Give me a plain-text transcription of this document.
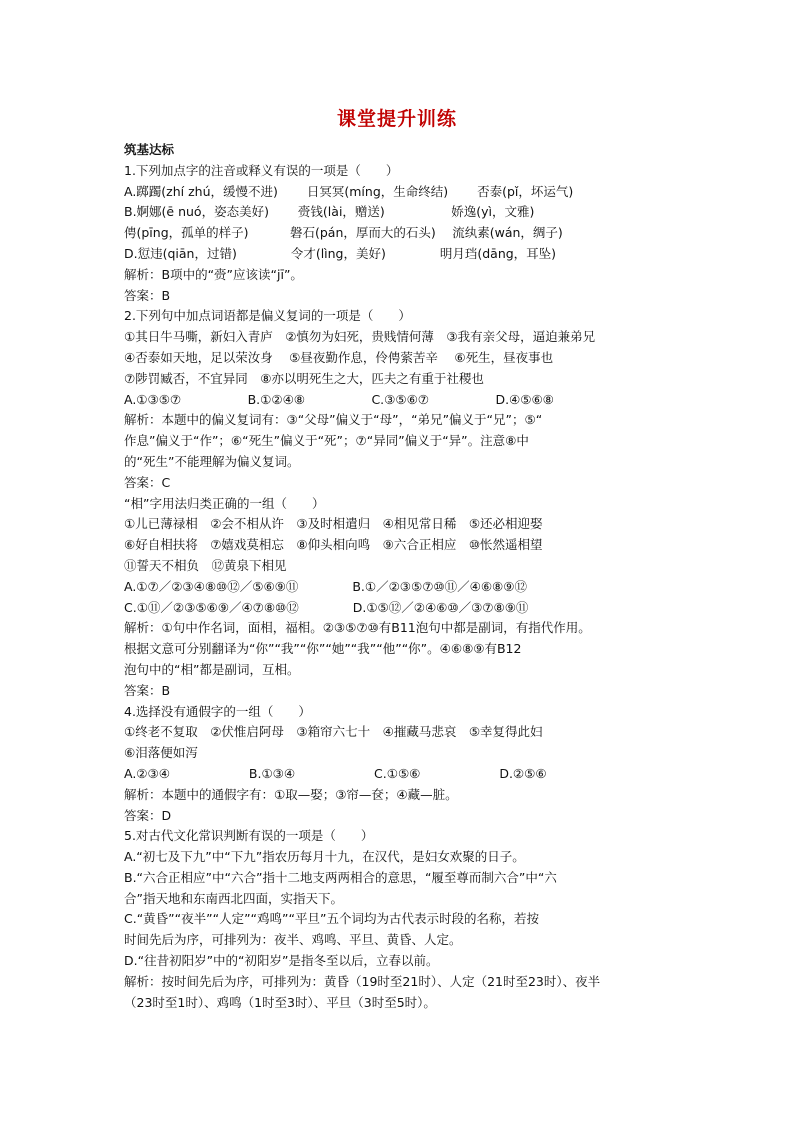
课堂提升训练
筑基达标
1.下列加点字的注音或释义有误的一项是（　　）
A.踯躅(zhí zhú，缓慢不进)　　 日冥冥(míng，生命终结)　　 否泰(pǐ，坏运气)
B.婀娜(ē nuó，姿态美好)　　 赍钱(lài，赠送)　　　　　 娇逸(yì，文雅)
俜(pīng，孤单的样子)　　　 磐石(pán，厚而大的石头)　 流纨素(wán，绸子)
D.愆违(qiān，过错)　　　　 令才(lìng，美好)　　　　 明月珰(dāng，耳坠)
解析：B项中的“赍”应该读“jī”。
答案：B
2.下列句中加点词语都是偏义复词的一项是（　　）
①其日牛马嘶，新妇入青庐　②慎勿为妇死，贵贱情何薄　③我有亲父母，逼迫兼弟兄
④否泰如天地，足以荣汝身　 ⑤昼夜勤作息，伶俜萦苦辛　 ⑥死生，昼夜事也
⑦陟罚臧否，不宜异同　⑧亦以明死生之大，匹夫之有重于社稷也
A.①③⑤⑦　　　　　 B.①②④⑧　　　　　 C.③⑤⑥⑦　　　　　 D.④⑤⑥⑧
解析：本题中的偏义复词有：③“父母”偏义于“母”，“弟兄”偏义于“兄”；⑤“
作息”偏义于“作”；⑥“死生”偏义于“死”；⑦“异同”偏义于“异”。注意⑧中
的“死生”不能理解为偏义复词。
答案：C
“相”字用法归类正确的一组（　　）
①儿已薄禄相　②会不相从许　③及时相遣归　④相见常日稀　⑤还必相迎娶
⑥好自相扶将　⑦嬉戏莫相忘　⑧仰头相向鸣　⑨六合正相应　⑩怅然遥相望
⑪誓天不相负　⑫黄泉下相见
A.①⑦／②③④⑧⑩⑫／⑤⑥⑨⑪　　　　 B.①／②③⑤⑦⑩⑪／④⑥⑧⑨⑫
C.①⑪／②③⑤⑥⑨／④⑦⑧⑩⑫　　　　 D.①⑤⑫／②④⑥⑩／③⑦⑧⑨⑪
解析：①句中作名词，面相，福相。②③⑤⑦⑩有B11泡句中都是副词，有指代作用。
根据文意可分别翻译为“你”“我”“你”“她”“我”“他”“你”。④⑥⑧⑨有B12
泡句中的“相”都是副词，互相。
答案：B
4.选择没有通假字的一组（　　）
①终老不复取　②伏惟启阿母　③箱帘六七十　④摧藏马悲哀　⑤幸复得此妇
⑥泪落便如泻
A.②③④　　　　　　 B.①③④　　　　　　 C.①⑤⑥　　　　　　 D.②⑤⑥
解析：本题中的通假字有：①取—娶；③帘—奁；④藏—脏。
答案：D
5.对古代文化常识判断有误的一项是（　　）
A.“初七及下九”中“下九”指农历每月十九，在汉代，是妇女欢聚的日子。
B.“六合正相应”中“六合”指十二地支两两相合的意思，“履至尊而制六合”中“六
合”指天地和东南西北四面，实指天下。
C.“黄昏”“夜半”“人定”“鸡鸣”“平旦”五个词均为古代表示时段的名称，若按
时间先后为序，可排列为：夜半、鸡鸣、平旦、黄昏、人定。
D.“往昔初阳岁”中的“初阳岁”是指冬至以后，立春以前。
解析：按时间先后为序，可排列为：黄昏（19时至21时）、人定（21时至23时）、夜半
（23时至1时）、鸡鸣（1时至3时）、平旦（3时至5时）。
